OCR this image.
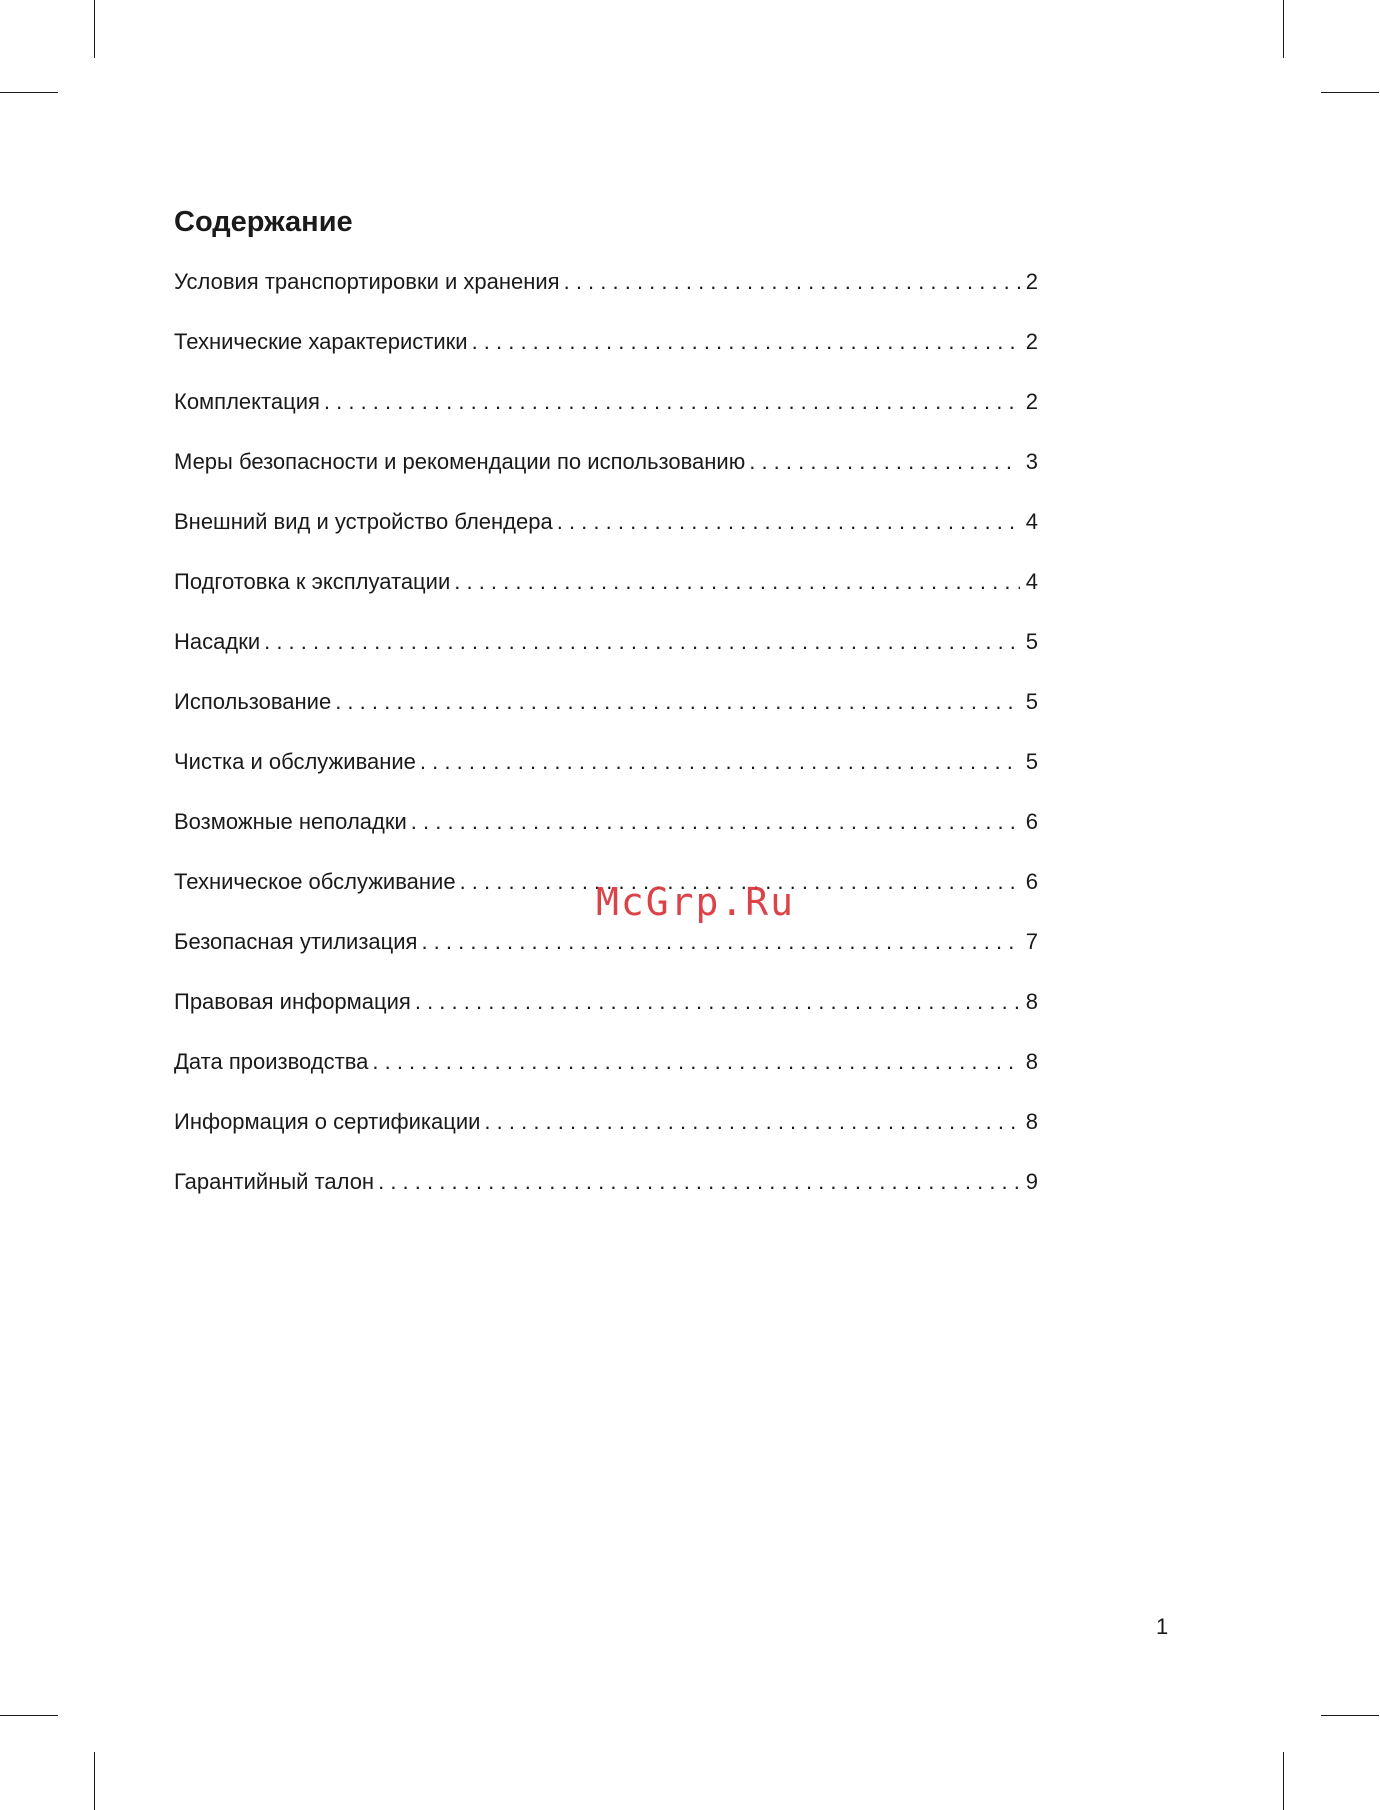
Содержание
Условия транспортировки и хранения . . .	2
Технические характеристики . . .	2
Комплектация . . .	2
Меры безопасности и рекомендации по использованию . . .	3
Внешний вид и устройство блендера . . .	4
Подготовка к эксплуатации . . .	4
Насадки . . .	5
Использование . . .	5
Чистка и обслуживание . . .	5
Возможные неполадки . . .	6
Техническое обслуживание . . .	6
Безопасная утилизация . . .	7
Правовая информация . . .	8
Дата производства . . .	8
Информация о сертификации . . .	8
Гарантийный талон . . .	9
McGrp.Ru
1
